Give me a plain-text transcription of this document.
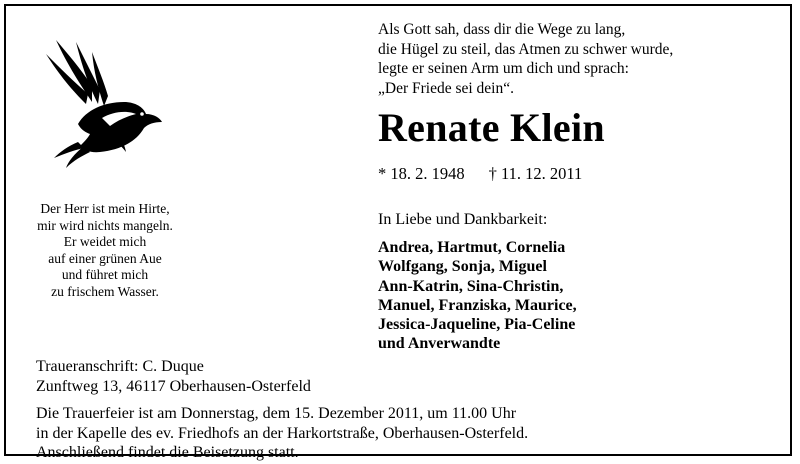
Als Gott sah, dass dir die Wege zu lang,
die Hügel zu steil, das Atmen zu schwer wurde,
legte er seinen Arm um dich und sprach:
„Der Friede sei dein“.
Renate Klein
* 18. 2. 1948 † 11. 12. 2011
Der Herr ist mein Hirte,
mir wird nichts mangeln.
Er weidet mich
auf einer grünen Aue
und führet mich
zu frischem Wasser.
In Liebe und Dankbarkeit:
Andrea, Hartmut, Cornelia
Wolfgang, Sonja, Miguel
Ann-Katrin, Sina-Christin,
Manuel, Franziska, Maurice,
Jessica-Jaqueline, Pia-Celine
und Anverwandte
Traueranschrift: C. Duque
Zunftweg 13, 46117 Oberhausen-Osterfeld
Die Trauerfeier ist am Donnerstag, dem 15. Dezember 2011, um 11.00 Uhr
in der Kapelle des ev. Friedhofs an der Harkortstraße, Oberhausen-Osterfeld.
Anschließend findet die Beisetzung statt.
